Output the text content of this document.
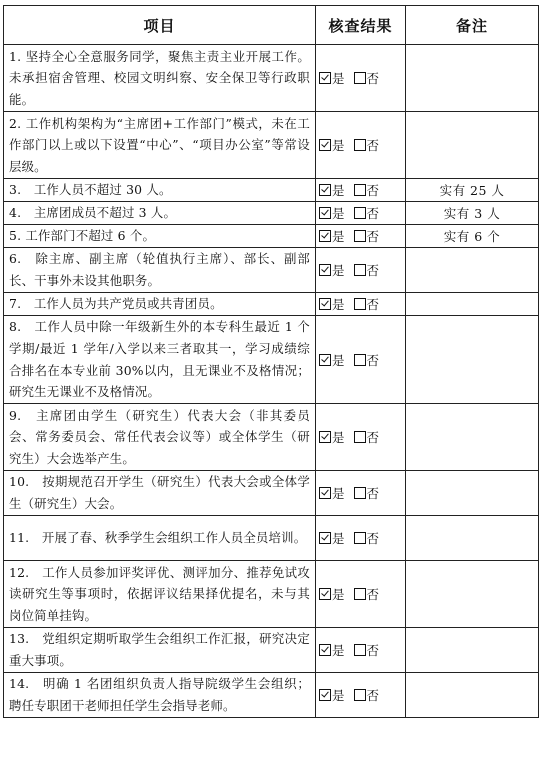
项目	核查结果	备注
1. 坚持全心全意服务同学，聚焦主责主业开展工作。未承担宿舍管理、校园文明纠察、安全保卫等行政职能。	是 否	
2. 工作机构架构为“主席团+工作部门”模式，未在工作部门以上或以下设置“中心”、“项目办公室”等常设层级。	是 否	
3.　工作人员不超过 30 人。	是 否	实有 25 人
4.　主席团成员不超过 3 人。	是 否	实有 3 人
5. 工作部门不超过 6 个。	是 否	实有 6 个
6.　除主席、副主席（轮值执行主席）、部长、副部长、干事外未设其他职务。	是 否	
7.　工作人员为共产党员或共青团员。	是 否	
8.　工作人员中除一年级新生外的本专科生最近 1 个学期/最近 1 学年/入学以来三者取其一，学习成绩综合排名在本专业前 30%以内，且无课业不及格情况；研究生无课业不及格情况。	是 否	
9.　主席团由学生（研究生）代表大会（非其委员会、常务委员会、常任代表会议等）或全体学生（研究生）大会选举产生。	是 否	
10.　按期规范召开学生（研究生）代表大会或全体学生（研究生）大会。	是 否	
11.　开展了春、秋季学生会组织工作人员全员培训。	是 否	
12.　工作人员参加评奖评优、测评加分、推荐免试攻读研究生等事项时，依据评议结果择优提名，未与其岗位简单挂钩。	是 否	
13.　党组织定期听取学生会组织工作汇报，研究决定重大事项。	是 否	
14.　明确 1 名团组织负责人指导院级学生会组织；聘任专职团干老师担任学生会指导老师。	是 否	
